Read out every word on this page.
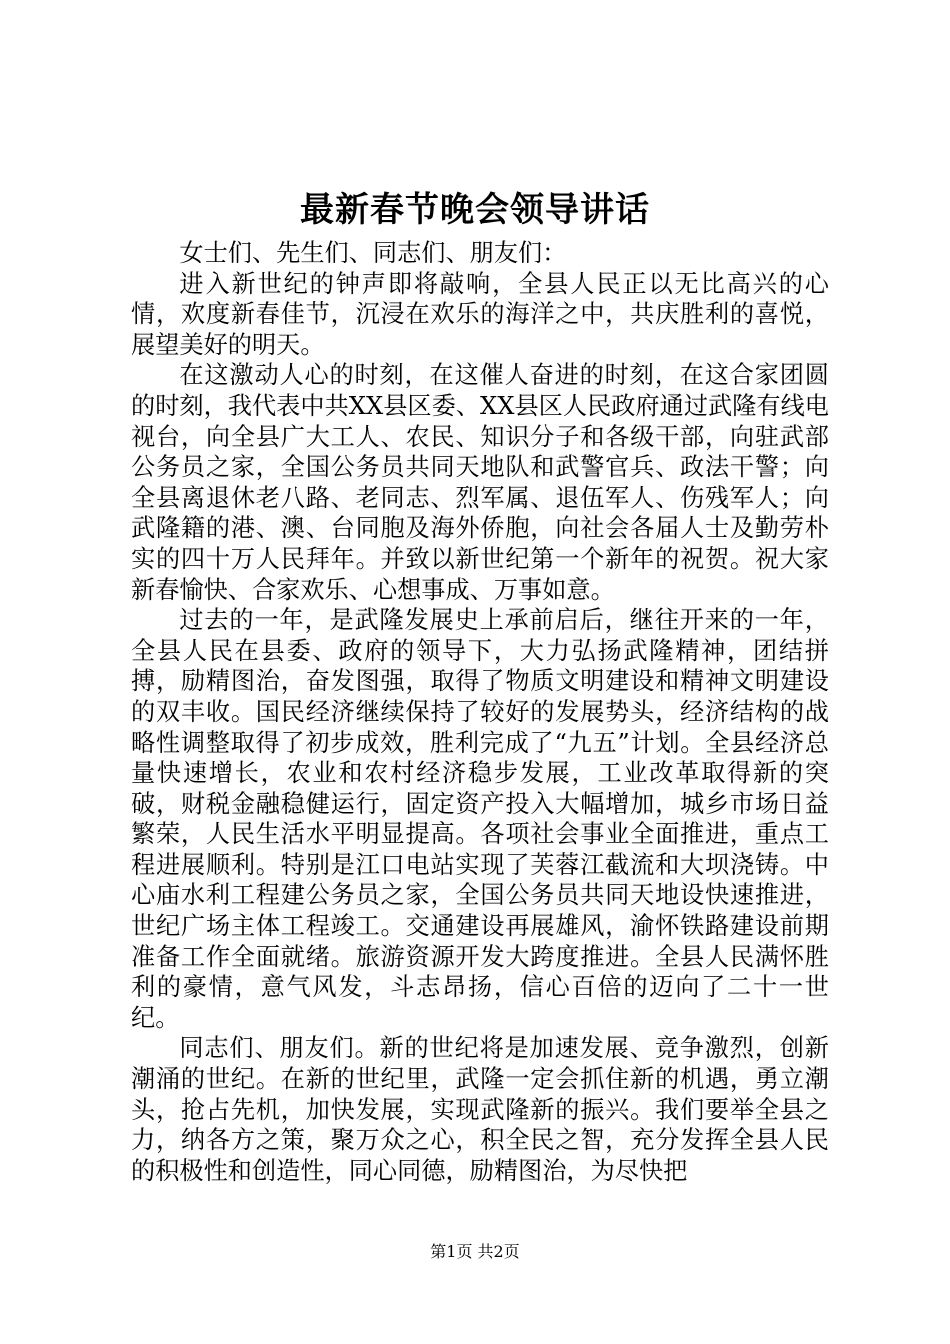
最新春节晚会领导讲话

女士们、先生们、同志们、朋友们：

进入新世纪的钟声即将敲响，全县人民正以无比高兴的心情，欢度新春佳节，沉浸在欢乐的海洋之中，共庆胜利的喜悦，展望美好的明天。

在这激动人心的时刻，在这催人奋进的时刻，在这合家团圆的时刻，我代表中共XX县区委、XX县区人民政府通过武隆有线电视台，向全县广大工人、农民、知识分子和各级干部，向驻武部公务员之家，全国公务员共同天地队和武警官兵、政法干警；向全县离退休老八路、老同志、烈军属、退伍军人、伤残军人；向武隆籍的港、澳、台同胞及海外侨胞，向社会各届人士及勤劳朴实的四十万人民拜年。并致以新世纪第一个新年的祝贺。祝大家新春愉快、合家欢乐、心想事成、万事如意。

过去的一年，是武隆发展史上承前启后，继往开来的一年，全县人民在县委、政府的领导下，大力弘扬武隆精神，团结拼搏，励精图治，奋发图强，取得了物质文明建设和精神文明建设的双丰收。国民经济继续保持了较好的发展势头，经济结构的战略性调整取得了初步成效，胜利完成了“九五”计划。全县经济总量快速增长，农业和农村经济稳步发展，工业改革取得新的突破，财税金融稳健运行，固定资产投入大幅增加，城乡市场日益繁荣，人民生活水平明显提高。各项社会事业全面推进，重点工程进展顺利。特别是江口电站实现了芙蓉江截流和大坝浇铸。中心庙水利工程建公务员之家，全国公务员共同天地设快速推进，世纪广场主体工程竣工。交通建设再展雄风，渝怀铁路建设前期准备工作全面就绪。旅游资源开发大跨度推进。全县人民满怀胜利的豪情，意气风发，斗志昂扬，信心百倍的迈向了二十一世纪。

同志们、朋友们。新的世纪将是加速发展、竞争激烈，创新潮涌的世纪。在新的世纪里，武隆一定会抓住新的机遇，勇立潮头，抢占先机，加快发展，实现武隆新的振兴。我们要举全县之力，纳各方之策，聚万众之心，积全民之智，充分发挥全县人民的积极性和创造性，同心同德，励精图治，为尽快把

第1页 共2页
